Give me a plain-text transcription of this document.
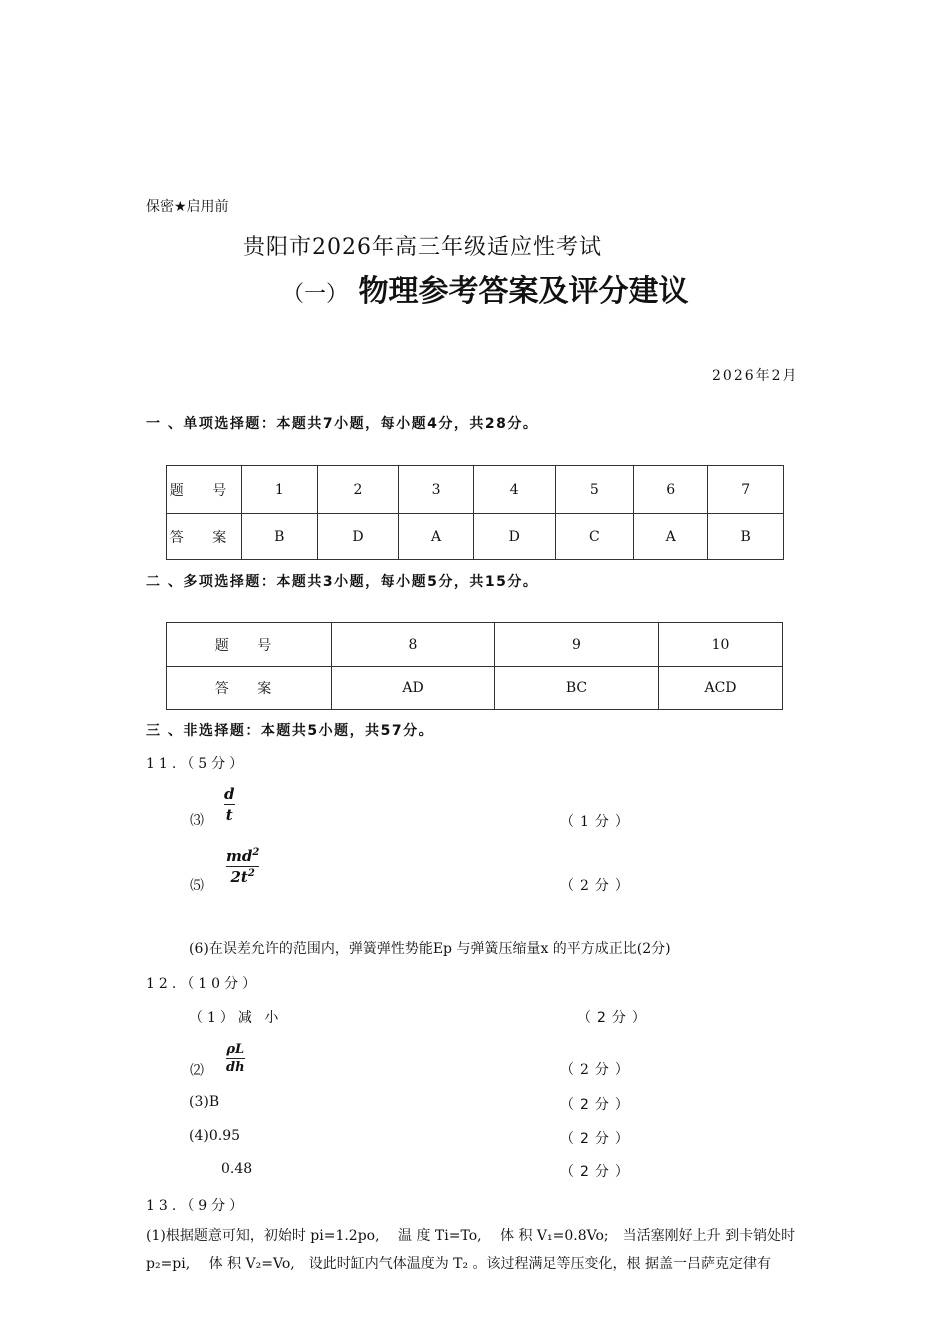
保密★启用前
贵阳市2026年高三年级适应性考试
（一） 物理参考答案及评分建议
2026年2月
一 、单项选择题：本题共7小题，每小题4分，共28分。
题 号	1	2	3	4	5	6	7
答 案	B	D	A	D	C	A	B
二 、多项选择题：本题共3小题，每小题5分，共15分。
题 号	8	9	10
答 案	AD	BC	ACD
三 、非选择题：本题共5小题，共57分。
11.（5分）
⑶ $\frac{d}{t}$	（1分）
⑸ $\frac{md^2}{2t^2}$	（2分）
(6)在误差允许的范围内，弹簧弹性势能Ep 与弹簧压缩量x 的平方成正比(2分)
12.（10分）
（1）减 小	（2分）
⑵ $\frac{\rho L}{dh}$	（2分）
(3)B	（2分）
(4)0.95	（2分）
0.48	（2分）
13.（9分）
(1)根据题意可知，初始时 pi=1.2po,　 温 度 Ti=To,　 体 积 V₁=0.8Vo;　当活塞刚好上升 到卡销处时 p₂=pi,　 体 积 V₂=Vo,　设此时缸内气体温度为 T₂ 。该过程满足等压变化，根 据盖一吕萨克定律有
